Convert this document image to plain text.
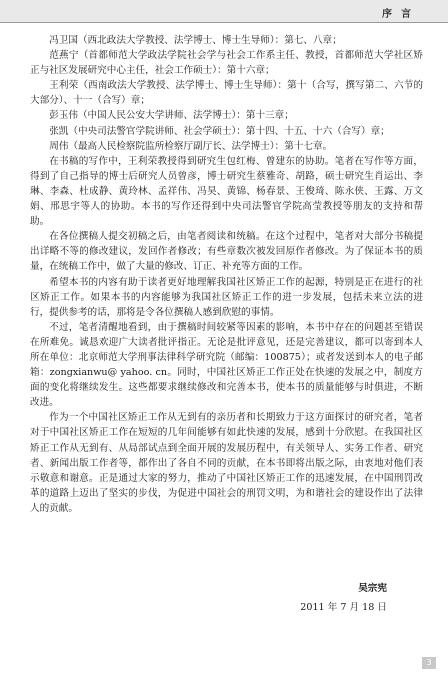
序言

冯卫国（西北政法大学教授、法学博士、博士生导师）：第七、八章；

范燕宁（首都师范大学政法学院社会学与社会工作系主任、教授，首都师范大学社区矫正与社区发展研究中心主任，社会工作硕士）：第十六章；

王利荣（西南政法大学教授、法学博士、博士生导师）：第十（合写，撰写第二、六节的大部分）、十一（合写）章；

彭玉伟（中国人民公安大学讲师、法学博士）：第十三章；

张凯（中央司法警官学院讲师、社会学硕士）：第十四、十五、十六（合写）章；

周伟（最高人民检察院监所检察厅副厅长、法学博士）：第十七章。

在书稿的写作中，王利荣教授得到研究生包红梅、曾建东的协助。笔者在写作等方面，得到了自己指导的博士后研究人员曾彦，博士研究生蔡雅奇、胡路，硕士研究生肖运出、李琳、李森、杜成静、黄玲林、孟祥伟、冯昊、黄锦、杨春景、王俊琦、陈永侠、王露、万文娟、邢思宇等人的协助。本书的写作还得到中央司法警官学院高莹教授等朋友的支持和帮助。

在各位撰稿人提交初稿之后，由笔者阅读和统稿。在这个过程中，笔者对大部分书稿提出详略不等的修改建议，发回作者修改；有些章数次被发回原作者修改。为了保证本书的质量，在统稿工作中，做了大量的修改、订正、补充等方面的工作。

希望本书的内容有助于读者更好地理解我国社区矫正工作的起源，特别是正在进行的社区矫正工作。如果本书的内容能够为我国社区矫正工作的进一步发展，包括未来立法的进行，提供参考的话，那将是令各位撰稿人感到欣慰的事情。

不过，笔者清醒地看到，由于撰稿时间较紧等因素的影响，本书中存在的问题甚至错误在所难免。诚恳欢迎广大读者批评指正。无论是批评意见，还是完善建议，都可以寄到本人所在单位：北京师范大学刑事法律科学研究院（邮编：100875）；或者发送到本人的电子邮箱：zongxianwu@ yahoo. cn。同时，中国社区矫正工作正处在快速的发展之中，制度方面的变化将继续发生。这些都要求继续修改和完善本书，使本书的质量能够与时俱进，不断改进。

作为一个中国社区矫正工作从无到有的亲历者和长期致力于这方面探讨的研究者，笔者对于中国社区矫正工作在短短的几年间能够有如此快速的发展，感到十分欣慰。在我国社区矫正工作从无到有、从局部试点到全面开展的发展历程中，有关领导人、实务工作者、研究者、新闻出版工作者等，都作出了各自不同的贡献，在本书即将出版之际，由衷地对他们表示敬意和谢意。正是通过大家的努力，推动了中国社区矫正工作的迅速发展，在中国刑罚改革的道路上迈出了坚实的步伐，为促进中国社会的刑罚文明，为和谐社会的建设作出了法律人的贡献。

吴宗宪
2011 年 7 月 18 日
3
